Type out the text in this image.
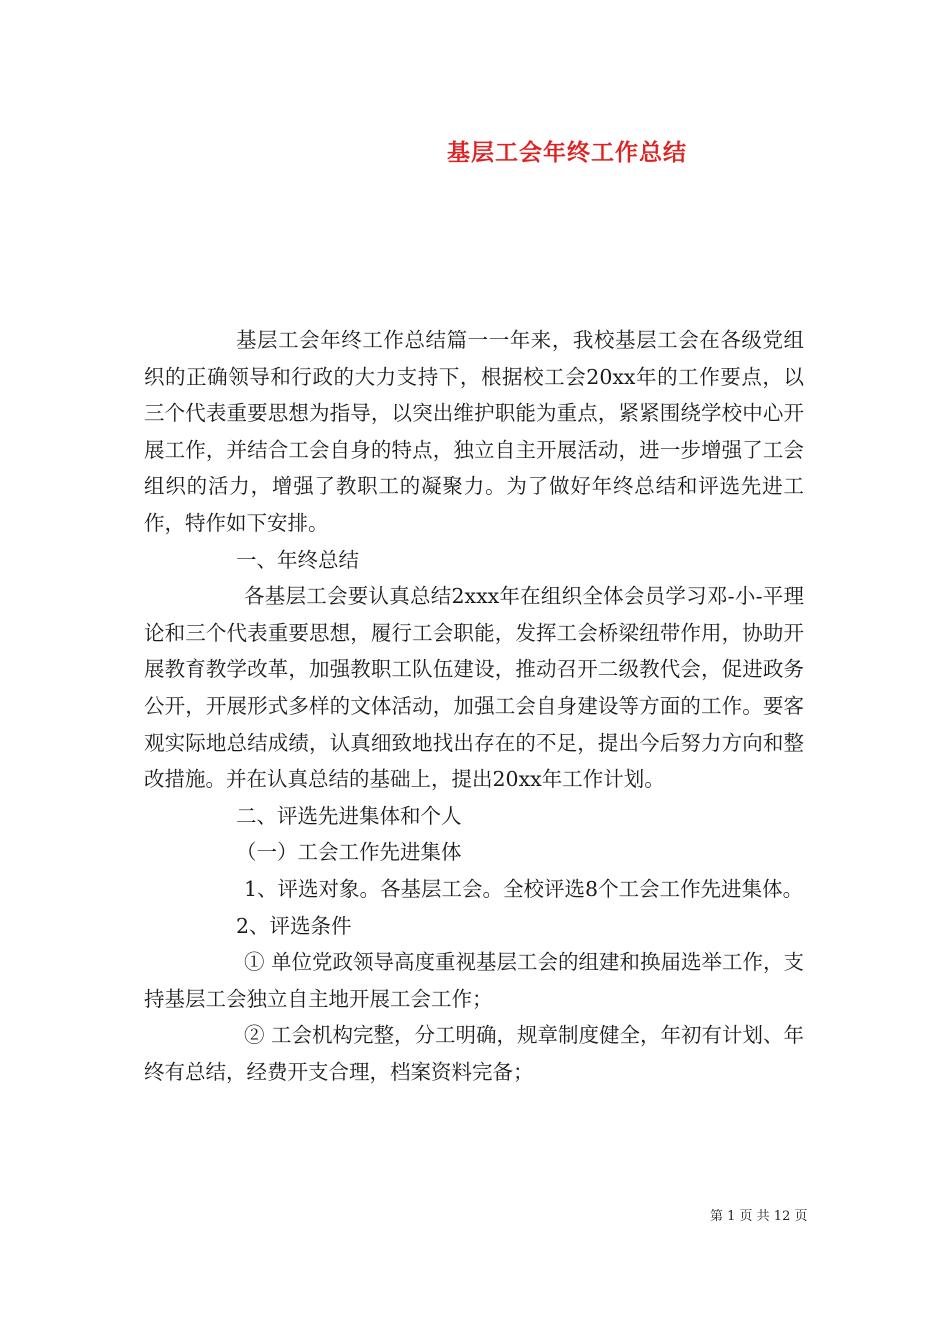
基层工会年终工作总结

基层工会年终工作总结篇一一年来，我校基层工会在各级党组织的正确领导和行政的大力支持下，根据校工会20xx年的工作要点，以三个代表重要思想为指导，以突出维护职能为重点，紧紧围绕学校中心开展工作，并结合工会自身的特点，独立自主开展活动，进一步增强了工会组织的活力，增强了教职工的凝聚力。为了做好年终总结和评选先进工作，特作如下安排。

一、年终总结

各基层工会要认真总结2xxx年在组织全体会员学习邓-小-平理论和三个代表重要思想，履行工会职能，发挥工会桥梁纽带作用，协助开展教育教学改革，加强教职工队伍建设，推动召开二级教代会，促进政务公开，开展形式多样的文体活动，加强工会自身建设等方面的工作。要客观实际地总结成绩，认真细致地找出存在的不足，提出今后努力方向和整改措施。并在认真总结的基础上，提出20xx年工作计划。

二、评选先进集体和个人

（一）工会工作先进集体

1、评选对象。各基层工会。全校评选8个工会工作先进集体。

2、评选条件

① 单位党政领导高度重视基层工会的组建和换届选举工作，支持基层工会独立自主地开展工会工作；

② 工会机构完整，分工明确，规章制度健全，年初有计划、年终有总结，经费开支合理，档案资料完备；

第 1 页 共 12 页
